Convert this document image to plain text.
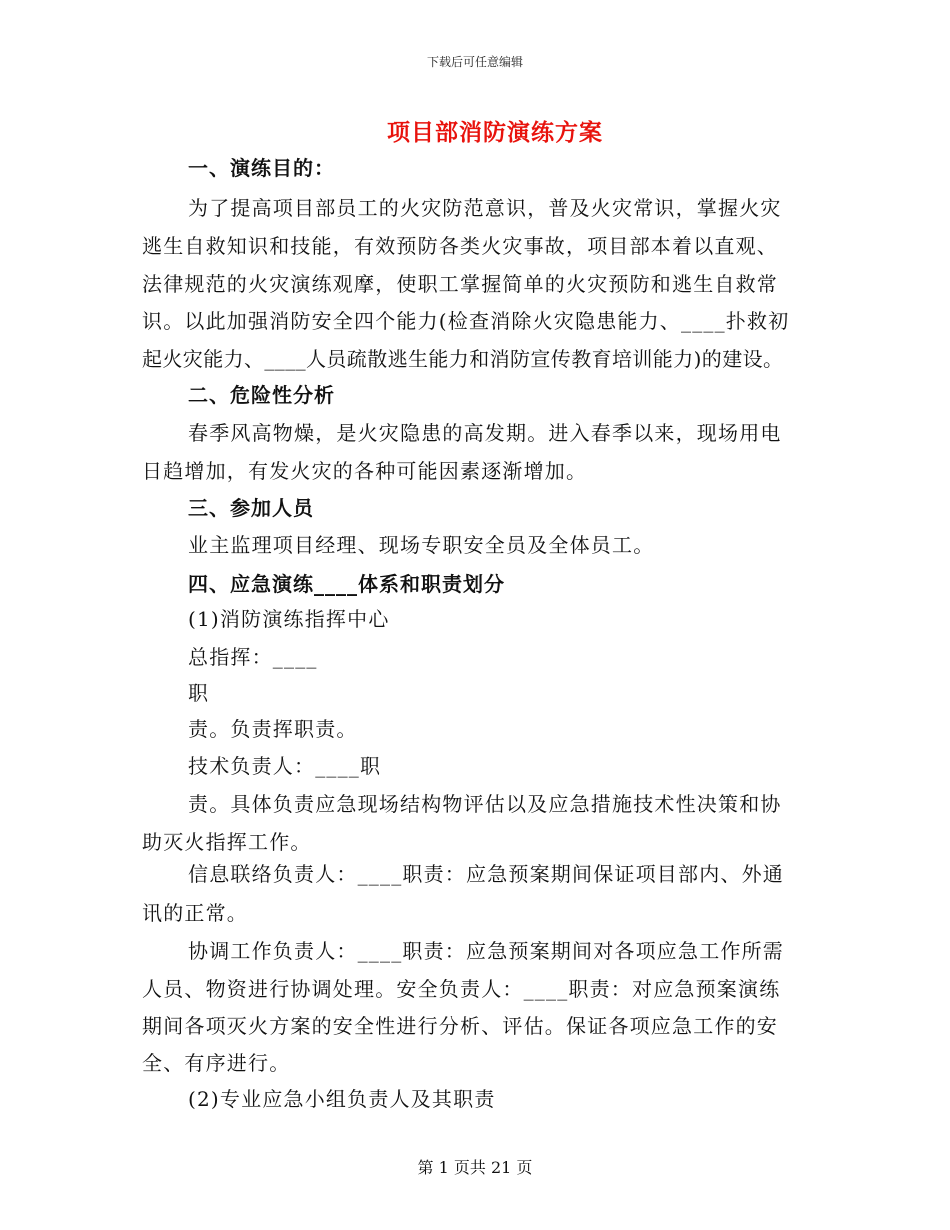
下载后可任意编辑
项目部消防演练方案
一、演练目的：
为了提高项目部员工的火灾防范意识，普及火灾常识，掌握火灾
逃生自救知识和技能，有效预防各类火灾事故，项目部本着以直观、
法律规范的火灾演练观摩，使职工掌握简单的火灾预防和逃生自救常
识。以此加强消防安全四个能力(检查消除火灾隐患能力、____扑救初
起火灾能力、____人员疏散逃生能力和消防宣传教育培训能力)的建设。
二、危险性分析
春季风高物燥，是火灾隐患的高发期。进入春季以来，现场用电
日趋增加，有发火灾的各种可能因素逐渐增加。
三、参加人员
业主监理项目经理、现场专职安全员及全体员工。
四、应急演练____体系和职责划分
(1)消防演练指挥中心
总指挥：____
职
责。负责挥职责。
技术负责人：____职
责。具体负责应急现场结构物评估以及应急措施技术性决策和协
助灭火指挥工作。
信息联络负责人：____职责：应急预案期间保证项目部内、外通
讯的正常。
协调工作负责人：____职责：应急预案期间对各项应急工作所需
人员、物资进行协调处理。安全负责人：____职责：对应急预案演练
期间各项灭火方案的安全性进行分析、评估。保证各项应急工作的安
全、有序进行。
(2)专业应急小组负责人及其职责
第 1 页共 21 页
